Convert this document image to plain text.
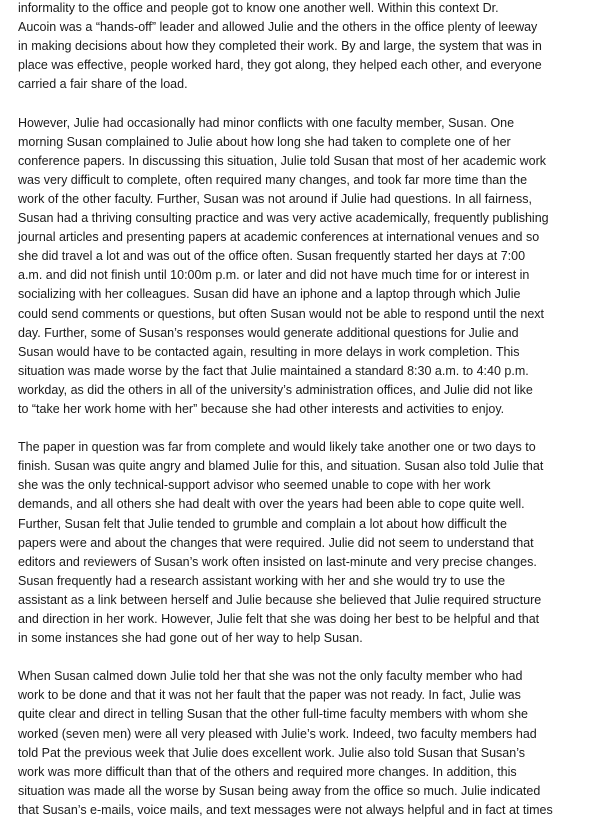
informality to the office and people got to know one another well. Within this context Dr.
Aucoin was a “hands-off” leader and allowed Julie and the others in the office plenty of leeway
in making decisions about how they completed their work. By and large, the system that was in
place was effective, people worked hard, they got along, they helped each other, and everyone
carried a fair share of the load.

However, Julie had occasionally had minor conflicts with one faculty member, Susan. One
morning Susan complained to Julie about how long she had taken to complete one of her
conference papers. In discussing this situation, Julie told Susan that most of her academic work
was very difficult to complete, often required many changes, and took far more time than the
work of the other faculty. Further, Susan was not around if Julie had questions. In all fairness,
Susan had a thriving consulting practice and was very active academically, frequently publishing
journal articles and presenting papers at academic conferences at international venues and so
she did travel a lot and was out of the office often. Susan frequently started her days at 7:00
a.m. and did not finish until 10:00m p.m. or later and did not have much time for or interest in
socializing with her colleagues. Susan did have an iphone and a laptop through which Julie
could send comments or questions, but often Susan would not be able to respond until the next
day. Further, some of Susan’s responses would generate additional questions for Julie and
Susan would have to be contacted again, resulting in more delays in work completion. This
situation was made worse by the fact that Julie maintained a standard 8:30 a.m. to 4:40 p.m.
workday, as did the others in all of the university’s administration offices, and Julie did not like
to “take her work home with her” because she had other interests and activities to enjoy.

The paper in question was far from complete and would likely take another one or two days to
finish. Susan was quite angry and blamed Julie for this, and situation. Susan also told Julie that
she was the only technical-support advisor who seemed unable to cope with her work
demands, and all others she had dealt with over the years had been able to cope quite well.
Further, Susan felt that Julie tended to grumble and complain a lot about how difficult the
papers were and about the changes that were required. Julie did not seem to understand that
editors and reviewers of Susan’s work often insisted on last-minute and very precise changes.
Susan frequently had a research assistant working with her and she would try to use the
assistant as a link between herself and Julie because she believed that Julie required structure
and direction in her work. However, Julie felt that she was doing her best to be helpful and that
in some instances she had gone out of her way to help Susan.

When Susan calmed down Julie told her that she was not the only faculty member who had
work to be done and that it was not her fault that the paper was not ready. In fact, Julie was
quite clear and direct in telling Susan that the other full-time faculty members with whom she
worked (seven men) were all very pleased with Julie’s work. Indeed, two faculty members had
told Pat the previous week that Julie does excellent work. Julie also told Susan that Susan’s
work was more difficult than that of the others and required more changes. In addition, this
situation was made all the worse by Susan being away from the office so much. Julie indicated
that Susan’s e-mails, voice mails, and text messages were not always helpful and in fact at times
